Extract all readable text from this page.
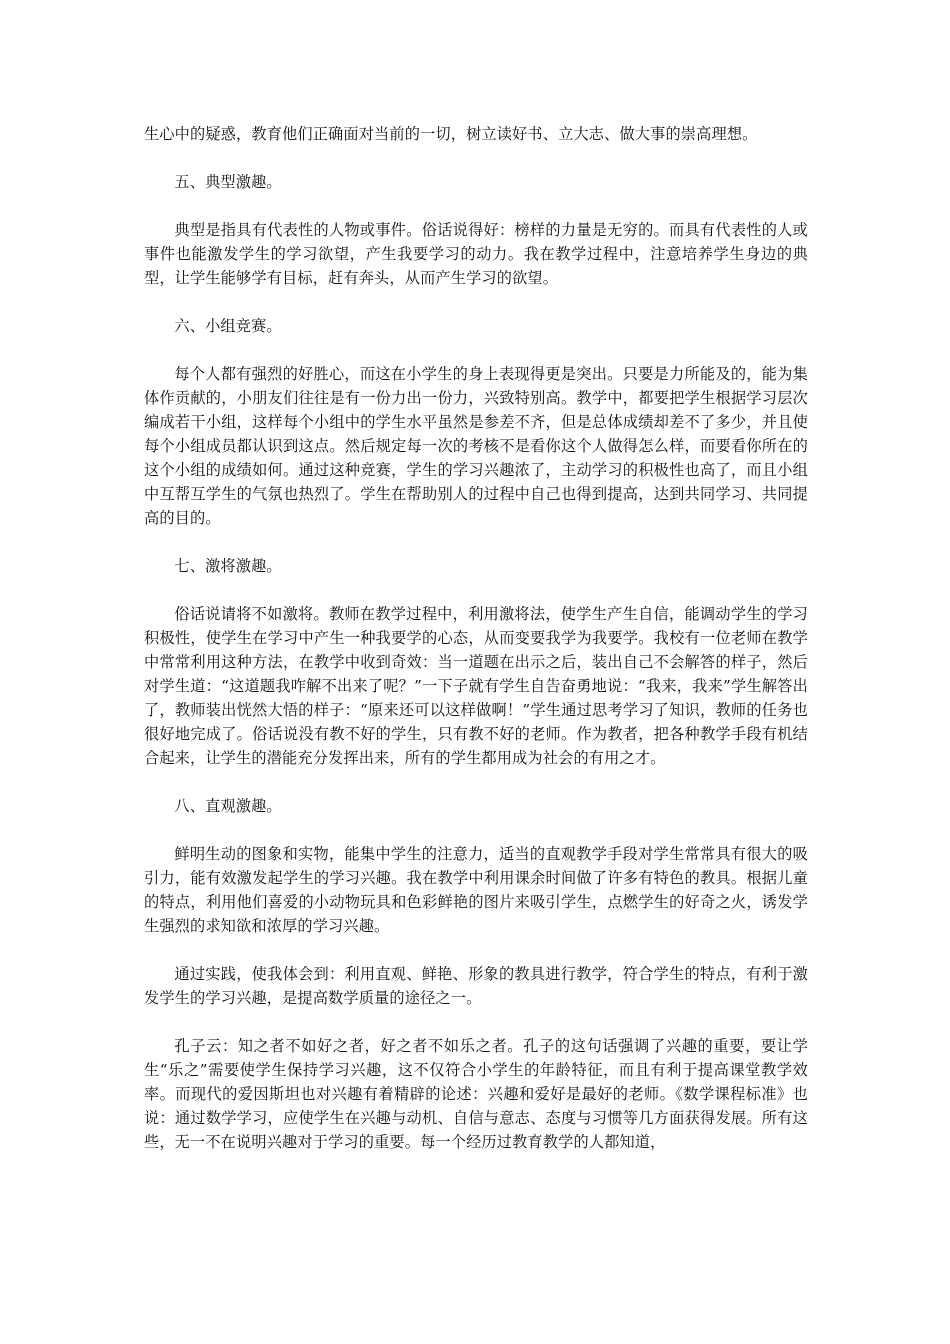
生心中的疑惑，教育他们正确面对当前的一切，树立读好书、立大志、做大事的崇高理想。

五、典型激趣。

典型是指具有代表性的人物或事件。俗话说得好：榜样的力量是无穷的。而具有代表性的人或事件也能激发学生的学习欲望，产生我要学习的动力。我在教学过程中，注意培养学生身边的典型，让学生能够学有目标，赶有奔头，从而产生学习的欲望。

六、小组竞赛。

每个人都有强烈的好胜心，而这在小学生的身上表现得更是突出。只要是力所能及的，能为集体作贡献的，小朋友们往往是有一份力出一份力，兴致特别高。教学中，都要把学生根据学习层次编成若干小组，这样每个小组中的学生水平虽然是参差不齐，但是总体成绩却差不了多少，并且使每个小组成员都认识到这点。然后规定每一次的考核不是看你这个人做得怎么样，而要看你所在的这个小组的成绩如何。通过这种竞赛，学生的学习兴趣浓了，主动学习的积极性也高了，而且小组中互帮互学生的气氛也热烈了。学生在帮助别人的过程中自己也得到提高，达到共同学习、共同提高的目的。

七、激将激趣。

俗话说请将不如激将。教师在教学过程中，利用激将法，使学生产生自信，能调动学生的学习积极性，使学生在学习中产生一种我要学的心态，从而变要我学为我要学。我校有一位老师在教学中常常利用这种方法，在教学中收到奇效：当一道题在出示之后，装出自己不会解答的样子，然后对学生道：“这道题我咋解不出来了呢？”一下子就有学生自告奋勇地说：“我来，我来”学生解答出了，教师装出恍然大悟的样子：“原来还可以这样做啊！”学生通过思考学习了知识，教师的任务也很好地完成了。俗话说没有教不好的学生，只有教不好的老师。作为教者，把各种教学手段有机结合起来，让学生的潜能充分发挥出来，所有的学生都用成为社会的有用之才。

八、直观激趣。

鲜明生动的图象和实物，能集中学生的注意力，适当的直观教学手段对学生常常具有很大的吸引力，能有效激发起学生的学习兴趣。我在教学中利用课余时间做了许多有特色的教具。根据儿童的特点，利用他们喜爱的小动物玩具和色彩鲜艳的图片来吸引学生，点燃学生的好奇之火，诱发学生强烈的求知欲和浓厚的学习兴趣。

通过实践，使我体会到：利用直观、鲜艳、形象的教具进行教学，符合学生的特点，有利于激发学生的学习兴趣，是提高数学质量的途径之一。

孔子云：知之者不如好之者，好之者不如乐之者。孔子的这句话强调了兴趣的重要，要让学生“乐之”需要使学生保持学习兴趣，这不仅符合小学生的年龄特征，而且有利于提高课堂教学效率。而现代的爱因斯坦也对兴趣有着精辟的论述：兴趣和爱好是最好的老师。《数学课程标准》也说：通过数学学习，应使学生在兴趣与动机、自信与意志、态度与习惯等几方面获得发展。所有这些，无一不在说明兴趣对于学习的重要。每一个经历过教育教学的人都知道，
